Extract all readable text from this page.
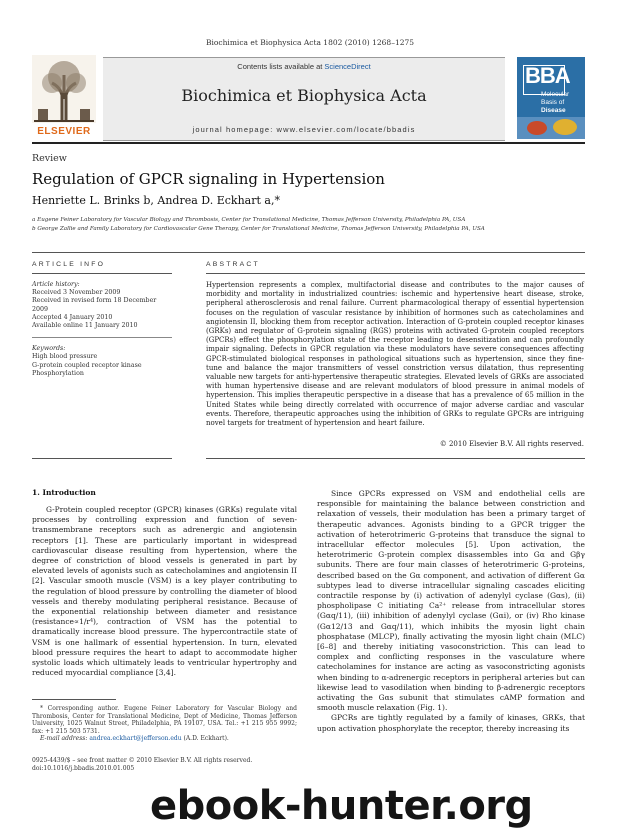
Biochimica et Biophysica Acta 1802 (2010) 1268–1275
ELSEVIER
Contents lists available at ScienceDirect
Biochimica et Biophysica Acta
journal homepage: www.elsevier.com/locate/bbadis
BBA
Molecular
Basis of
Disease
Review
Regulation of GPCR signaling in Hypertension
Henriette L. Brinks b, Andrea D. Eckhart a,*
a Eugene Feiner Laboratory for Vascular Biology and Thrombosis, Center for Translational Medicine, Thomas Jefferson University, Philadelphia PA, USA
b George Zallie and Family Laboratory for Cardiovascular Gene Therapy, Center for Translational Medicine, Thomas Jefferson University, Philadelphia PA, USA
ARTICLE INFO	ABSTRACT
Article history:
Received 3 November 2009
Received in revised form 18 December 2009
Accepted 4 January 2010
Available online 11 January 2010
Keywords:
High blood pressure
G-protein coupled receptor kinase
Phosphorylation
Hypertension represents a complex, multifactorial disease and contributes to the major causes of morbidity and mortality in industrialized countries: ischemic and hypertensive heart disease, stroke, peripheral atherosclerosis and renal failure. Current pharmacological therapy of essential hypertension focuses on the regulation of vascular resistance by inhibition of hormones such as catecholamines and angiotensin II, blocking them from receptor activation. Interaction of G-protein coupled receptor kinases (GRKs) and regulator of G-protein signaling (RGS) proteins with activated G-protein coupled receptors (GPCRs) effect the phosphorylation state of the receptor leading to desensitization and can profoundly impair signaling. Defects in GPCR regulation via these modulators have severe consequences affecting GPCR-stimulated biological responses in pathological situations such as hypertension, since they fine-tune and balance the major transmitters of vessel constriction versus dilatation, thus representing valuable new targets for anti-hypertensive therapeutic strategies. Elevated levels of GRKs are associated with human hypertensive disease and are relevant modulators of blood pressure in animal models of hypertension. This implies therapeutic perspective in a disease that has a prevalence of 65 million in the United States while being directly correlated with occurrence of major adverse cardiac and vascular events. Therefore, therapeutic approaches using the inhibition of GRKs to regulate GPCRs are intriguing novel targets for treatment of hypertension and heart failure.
© 2010 Elsevier B.V. All rights reserved.
1. Introduction
G-Protein coupled receptor (GPCR) kinases (GRKs) regulate vital processes by controlling expression and function of seven-transmembrane receptors such as adrenergic and angiotensin receptors [1]. These are particularly important in widespread cardiovascular disease resulting from hypertension, where the degree of constriction of blood vessels is generated in part by elevated levels of agonists such as catecholamines and angiotensin II [2]. Vascular smooth muscle (VSM) is a key player contributing to the regulation of blood pressure by controlling the diameter of blood vessels and thereby modulating peripheral resistance. Because of the exponential relationship between diameter and resistance (resistance∝1/r⁴), contraction of VSM has the potential to dramatically increase blood pressure. The hypercontractile state of VSM is one hallmark of essential hypertension. In turn, elevated blood pressure requires the heart to adapt to accommodate higher systolic loads which ultimately leads to ventricular hypertrophy and reduced myocardial compliance [3,4].

Since GPCRs expressed on VSM and endothelial cells are responsible for maintaining the balance between constriction and relaxation of vessels, their modulation has been a primary target of therapeutic advances. Agonists binding to a GPCR trigger the activation of heterotrimeric G-proteins that transduce the signal to intracellular effector molecules [5]. Upon activation, the heterotrimeric G-protein complex disassembles into Gα and Gβγ subunits. There are four main classes of heterotrimeric G-proteins, described based on the Gα component, and activation of different Gα subtypes lead to diverse intracellular signaling cascades eliciting contractile response by (i) activation of adenylyl cyclase (Gαs), (ii) phospholipase C initiating Ca²⁺ release from intracellular stores (Gαq/11), (iii) inhibition of adenylyl cyclase (Gαi), or (iv) Rho kinase (Gα12/13 and Gαq/11), which inhibits the myosin light chain phosphatase (MLCP), finally activating the myosin light chain (MLC) [6–8] and thereby initiating vasoconstriction. This can lead to complex and conflicting responses in the vasculature where catecholamines for instance are acting as vasoconstricting agonists when binding to α-adrenergic receptors in peripheral arteries but can likewise lead to vasodilation when binding to β-adrenergic receptors activating the Gαs subunit that stimulates cAMP formation and smooth muscle relaxation (Fig. 1).

GPCRs are tightly regulated by a family of kinases, GRKs, that upon activation phosphorylate the receptor, thereby increasing its

* Corresponding author. Eugene Feiner Laboratory for Vascular Biology and Thrombosis, Center for Translational Medicine, Dept of Medicine, Thomas Jefferson University, 1025 Walnut Street, Philadelphia, PA 19107, USA. Tel.: +1 215 955 9992; fax: +1 215 503 5731.
E-mail address: andrea.eckhart@jefferson.edu (A.D. Eckhart).
0925-4439/$ – see front matter © 2010 Elsevier B.V. All rights reserved.
doi:10.1016/j.bbadis.2010.01.005
ebook-hunter.org
